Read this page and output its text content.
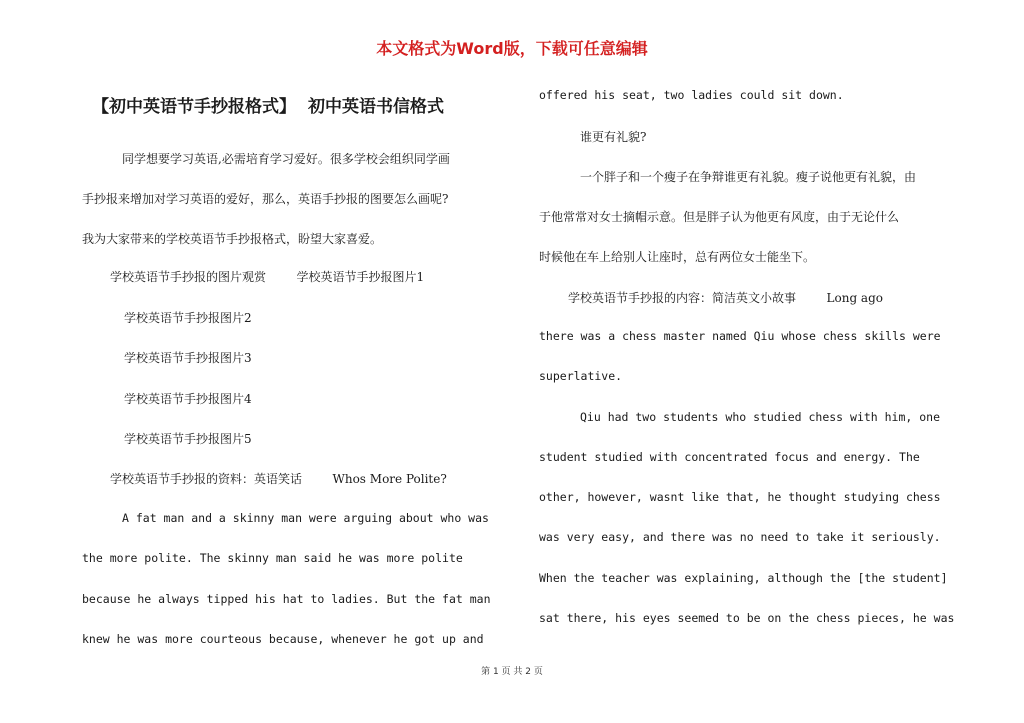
本文格式为Word版，下载可任意编辑
【初中英语节手抄报格式】 初中英语书信格式
同学想要学习英语,必需培育学习爱好。很多学校会组织同学画
手抄报来增加对学习英语的爱好，那么，英语手抄报的图要怎么画呢?
我为大家带来的学校英语节手抄报格式，盼望大家喜爱。
学校英语节手抄报的图片观赏        学校英语节手抄报图片1
学校英语节手抄报图片2
学校英语节手抄报图片3
学校英语节手抄报图片4
学校英语节手抄报图片5
学校英语节手抄报的资料：英语笑话        Whos More Polite?
A fat man and a skinny man were arguing about who was
the more polite. The skinny man said he was more polite
because he always tipped his hat to ladies. But the fat man
knew he was more courteous because, whenever he got up and
offered his seat, two ladies could sit down.
谁更有礼貌?
一个胖子和一个瘦子在争辩谁更有礼貌。瘦子说他更有礼貌，由
于他常常对女士摘帽示意。但是胖子认为他更有风度，由于无论什么
时候他在车上给别人让座时，总有两位女士能坐下。
学校英语节手抄报的内容：简洁英文小故事        Long ago
there was a chess master named Qiu whose chess skills were
superlative.
Qiu had two students who studied chess with him, one
student studied with concentrated focus and energy. The
other, however, wasnt like that, he thought studying chess
was very easy, and there was no need to take it seriously.
When the teacher was explaining, although the [the student]
sat there, his eyes seemed to be on the chess pieces, he was
第 1 页 共 2 页
